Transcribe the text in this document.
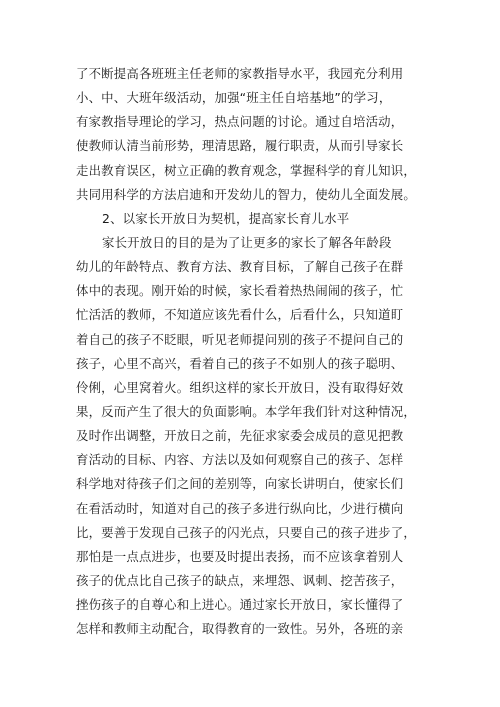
了不断提高各班班主任老师的家教指导水平，我园充分利用
小、中、大班年级活动，加强“班主任自培基地”的学习，
有家教指导理论的学习，热点问题的讨论。通过自培活动，
使教师认清当前形势，理清思路，履行职责，从而引导家长
走出教育误区，树立正确的教育观念，掌握科学的育儿知识，
共同用科学的方法启迪和开发幼儿的智力，使幼儿全面发展。
2、以家长开放日为契机，提高家长育儿水平
家长开放日的目的是为了让更多的家长了解各年龄段
幼儿的年龄特点、教育方法、教育目标，了解自己孩子在群
体中的表现。刚开始的时候，家长看着热热闹闹的孩子，忙
忙活活的教师，不知道应该先看什么，后看什么，只知道盯
着自己的孩子不眨眼，听见老师提问别的孩子不提问自己的
孩子，心里不高兴，看着自己的孩子不如别人的孩子聪明、
伶俐，心里窝着火。组织这样的家长开放日，没有取得好效
果，反而产生了很大的负面影响。本学年我们针对这种情况，
及时作出调整，开放日之前，先征求家委会成员的意见把教
育活动的目标、内容、方法以及如何观察自己的孩子、怎样
科学地对待孩子们之间的差别等，向家长讲明白，使家长们
在看活动时，知道对自己的孩子多进行纵向比，少进行横向
比，要善于发现自己孩子的闪光点，只要自己的孩子进步了，
那怕是一点点进步，也要及时提出表扬，而不应该拿着别人
孩子的优点比自己孩子的缺点，来埋怨、讽刺、挖苦孩子，
挫伤孩子的自尊心和上进心。通过家长开放日，家长懂得了
怎样和教师主动配合，取得教育的一致性。另外，各班的亲
